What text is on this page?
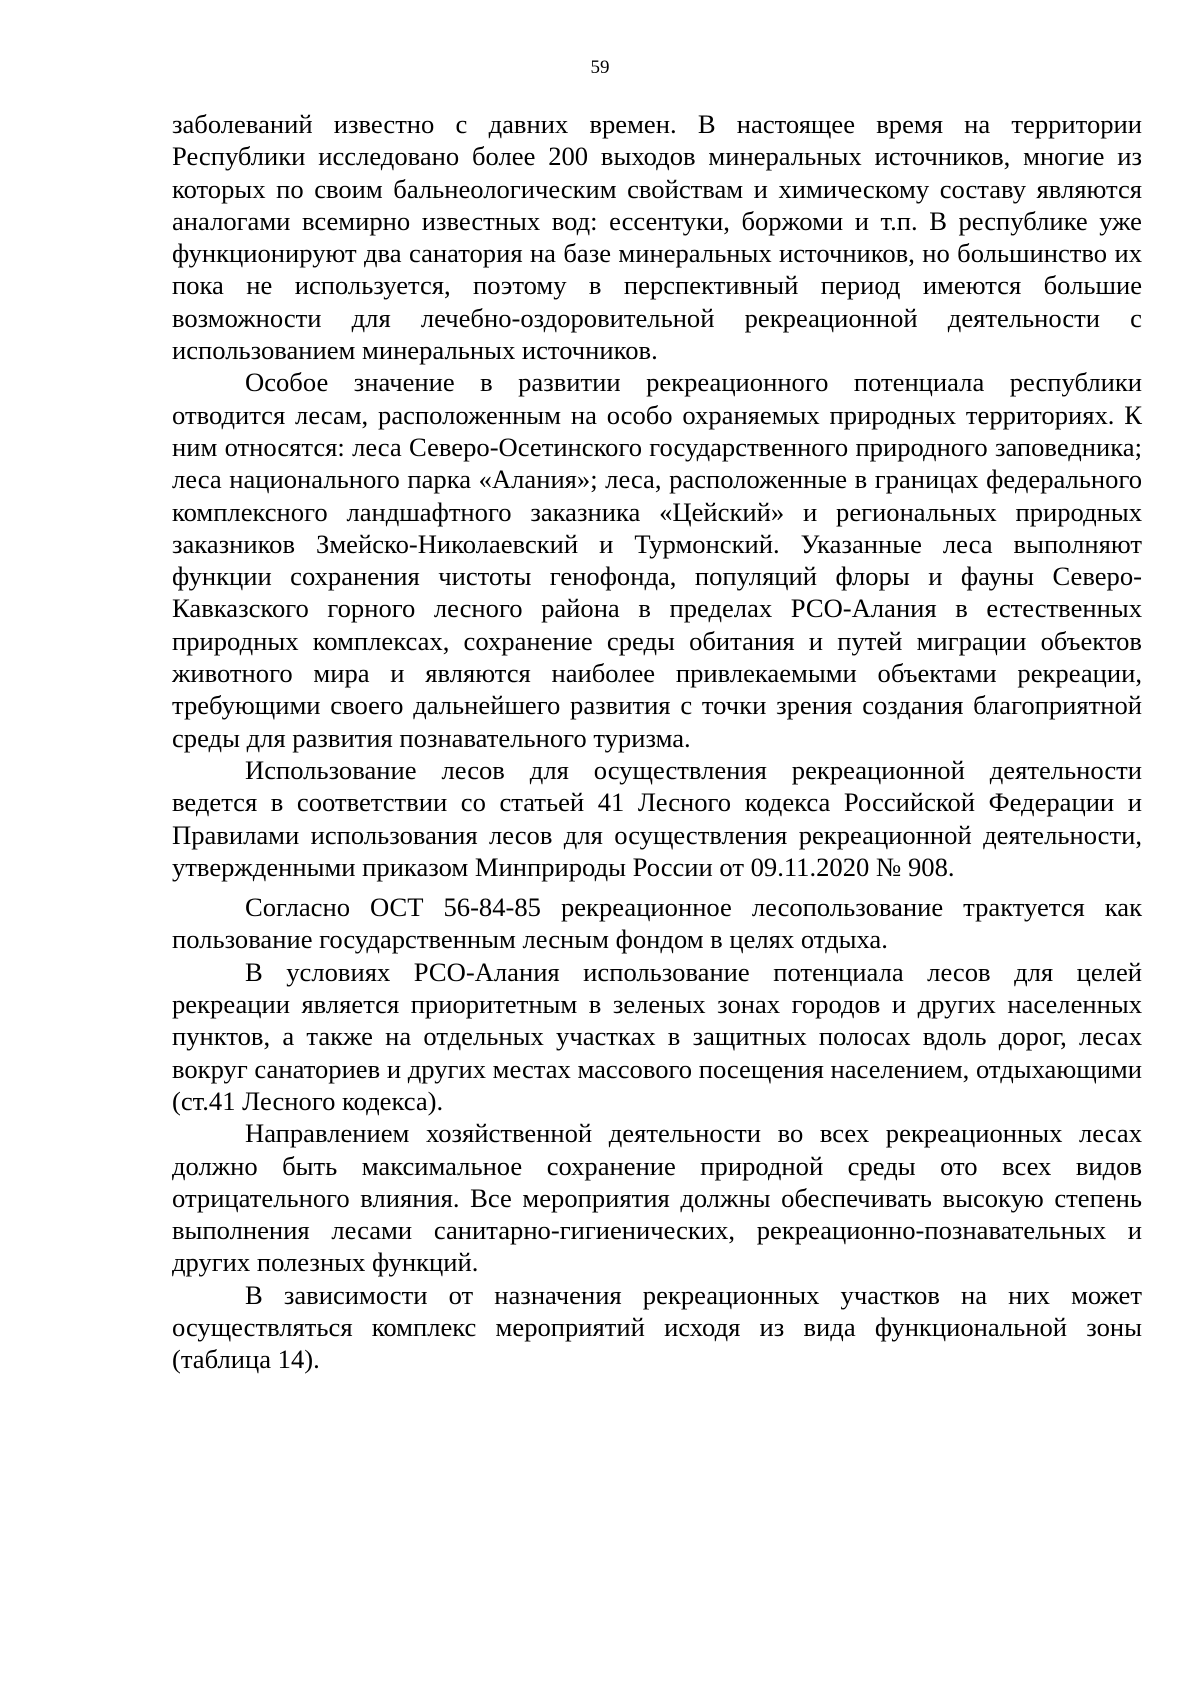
59

заболеваний известно с давних времен. В настоящее время на территории Республики исследовано более 200 выходов минеральных источников, многие из которых по своим бальнеологическим свойствам и химическому составу являются аналогами всемирно известных вод: ессентуки, боржоми и т.п. В республике уже функционируют два санатория на базе минеральных источников, но большинство их пока не используется, поэтому в перспективный период имеются большие возможности для лечебно-оздоровительной рекреационной деятельности с использованием минеральных источников.

Особое значение в развитии рекреационного потенциала республики отводится лесам, расположенным на особо охраняемых природных территориях. К ним относятся: леса Северо-Осетинского государственного природного заповедника; леса национального парка «Алания»; леса, расположенные в границах федерального комплексного ландшафтного заказника «Цейский» и региональных природных заказников Змейско-Николаевский и Турмонский. Указанные леса выполняют функции сохранения чистоты генофонда, популяций флоры и фауны Северо-Кавказского горного лесного района в пределах РСО-Алания в естественных природных комплексах, сохранение среды обитания и путей миграции объектов животного мира и являются наиболее привлекаемыми объектами рекреации, требующими своего дальнейшего развития с точки зрения создания благоприятной среды для развития познавательного туризма.

Использование лесов для осуществления рекреационной деятельности ведется в соответствии со статьей 41 Лесного кодекса Российской Федерации и Правилами использования лесов для осуществления рекреационной деятельности, утвержденными приказом Минприроды России от 09.11.2020 № 908.

Согласно ОСТ 56-84-85 рекреационное лесопользование трактуется как пользование государственным лесным фондом в целях отдыха.

В условиях РСО-Алания использование потенциала лесов для целей рекреации является приоритетным в зеленых зонах городов и других населенных пунктов, а также на отдельных участках в защитных полосах вдоль дорог, лесах вокруг санаториев и других местах массового посещения населением, отдыхающими (ст.41 Лесного кодекса).

Направлением хозяйственной деятельности во всех рекреационных лесах должно быть максимальное сохранение природной среды ото всех видов отрицательного влияния. Все мероприятия должны обеспечивать высокую степень выполнения лесами санитарно-гигиенических, рекреационно-познавательных и других полезных функций.

В зависимости от назначения рекреационных участков на них может осуществляться комплекс мероприятий исходя из вида функциональной зоны (таблица 14).
